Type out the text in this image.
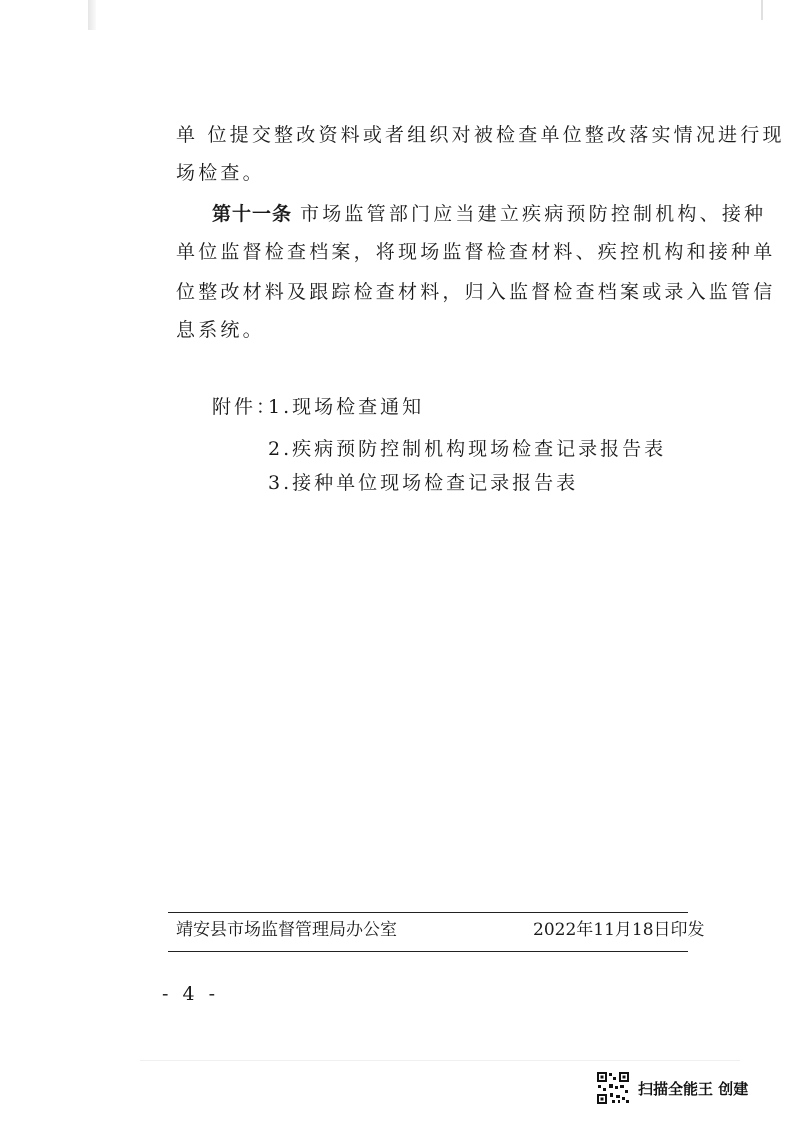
单 位提交整改资料或者组织对被检查单位整改落实情况进行现
场检查。
第十一条 市场监管部门应当建立疾病预防控制机构、接种
单位监督检查档案，将现场监督检查材料、疾控机构和接种单
位整改材料及跟踪检查材料，归入监督检查档案或录入监管信
息系统。
附件：
1.现场检查通知
2.疾病预防控制机构现场检查记录报告表
3.接种单位现场检查记录报告表
靖安县市场监督管理局办公室	2022年11月18日印发
- 4 -
扫描全能王 创建
